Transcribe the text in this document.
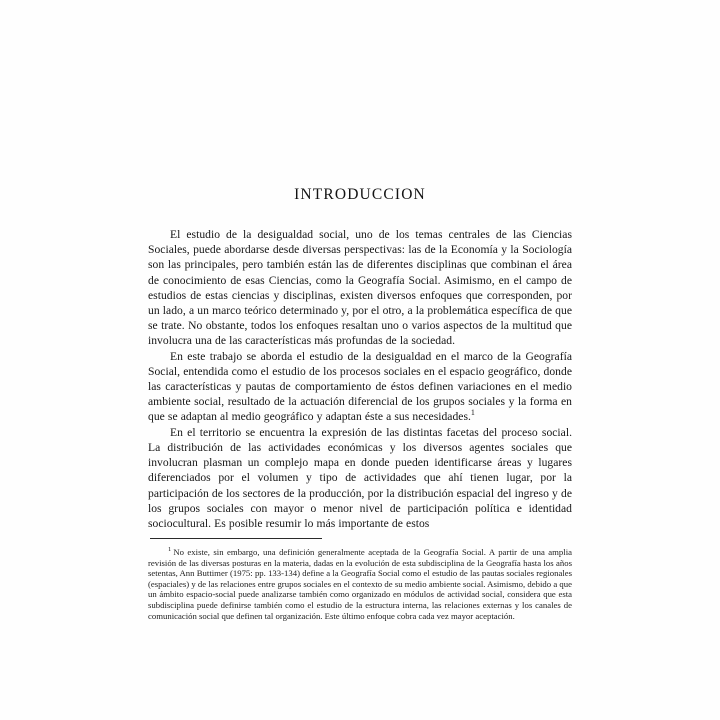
INTRODUCCION

El estudio de la desigualdad social, uno de los temas centrales de las Ciencias Sociales, puede abordarse desde diversas perspectivas: las de la Economía y la Sociología son las principales, pero también están las de diferentes disciplinas que combinan el área de conocimiento de esas Ciencias, como la Geografía Social. Asimismo, en el campo de estudios de estas ciencias y disciplinas, existen diversos enfoques que corresponden, por un lado, a un marco teórico determinado y, por el otro, a la problemática específica de que se trate. No obstante, todos los enfoques resaltan uno o varios aspectos de la multitud que involucra una de las características más profundas de la sociedad.

En este trabajo se aborda el estudio de la desigualdad en el marco de la Geografía Social, entendida como el estudio de los procesos sociales en el espacio geográfico, donde las características y pautas de comportamiento de éstos definen variaciones en el medio ambiente social, resultado de la actuación diferencial de los grupos sociales y la forma en que se adaptan al medio geográfico y adaptan éste a sus necesidades.$^1$

En el territorio se encuentra la expresión de las distintas facetas del proceso social. La distribución de las actividades económicas y los diversos agentes sociales que involucran plasman un complejo mapa en donde pueden identificarse áreas y lugares diferenciados por el volumen y tipo de actividades que ahí tienen lugar, por la participación de los sectores de la producción, por la distribución espacial del ingreso y de los grupos sociales con mayor o menor nivel de participación política e identidad sociocultural. Es posible resumir lo más importante de estos

$^1$ No existe, sin embargo, una definición generalmente aceptada de la Geografía Social. A partir de una amplia revisión de las diversas posturas en la materia, dadas en la evolución de esta subdisciplina de la Geografía hasta los años setentas, Ann Buttimer (1975: pp. 133-134) define a la Geografía Social como el estudio de las pautas sociales regionales (espaciales) y de las relaciones entre grupos sociales en el contexto de su medio ambiente social. Asimismo, debido a que un ámbito espacio-social puede analizarse también como organizado en módulos de actividad social, considera que esta subdisciplina puede definirse también como el estudio de la estructura interna, las relaciones externas y los canales de comunicación social que definen tal organización. Este último enfoque cobra cada vez mayor aceptación.
